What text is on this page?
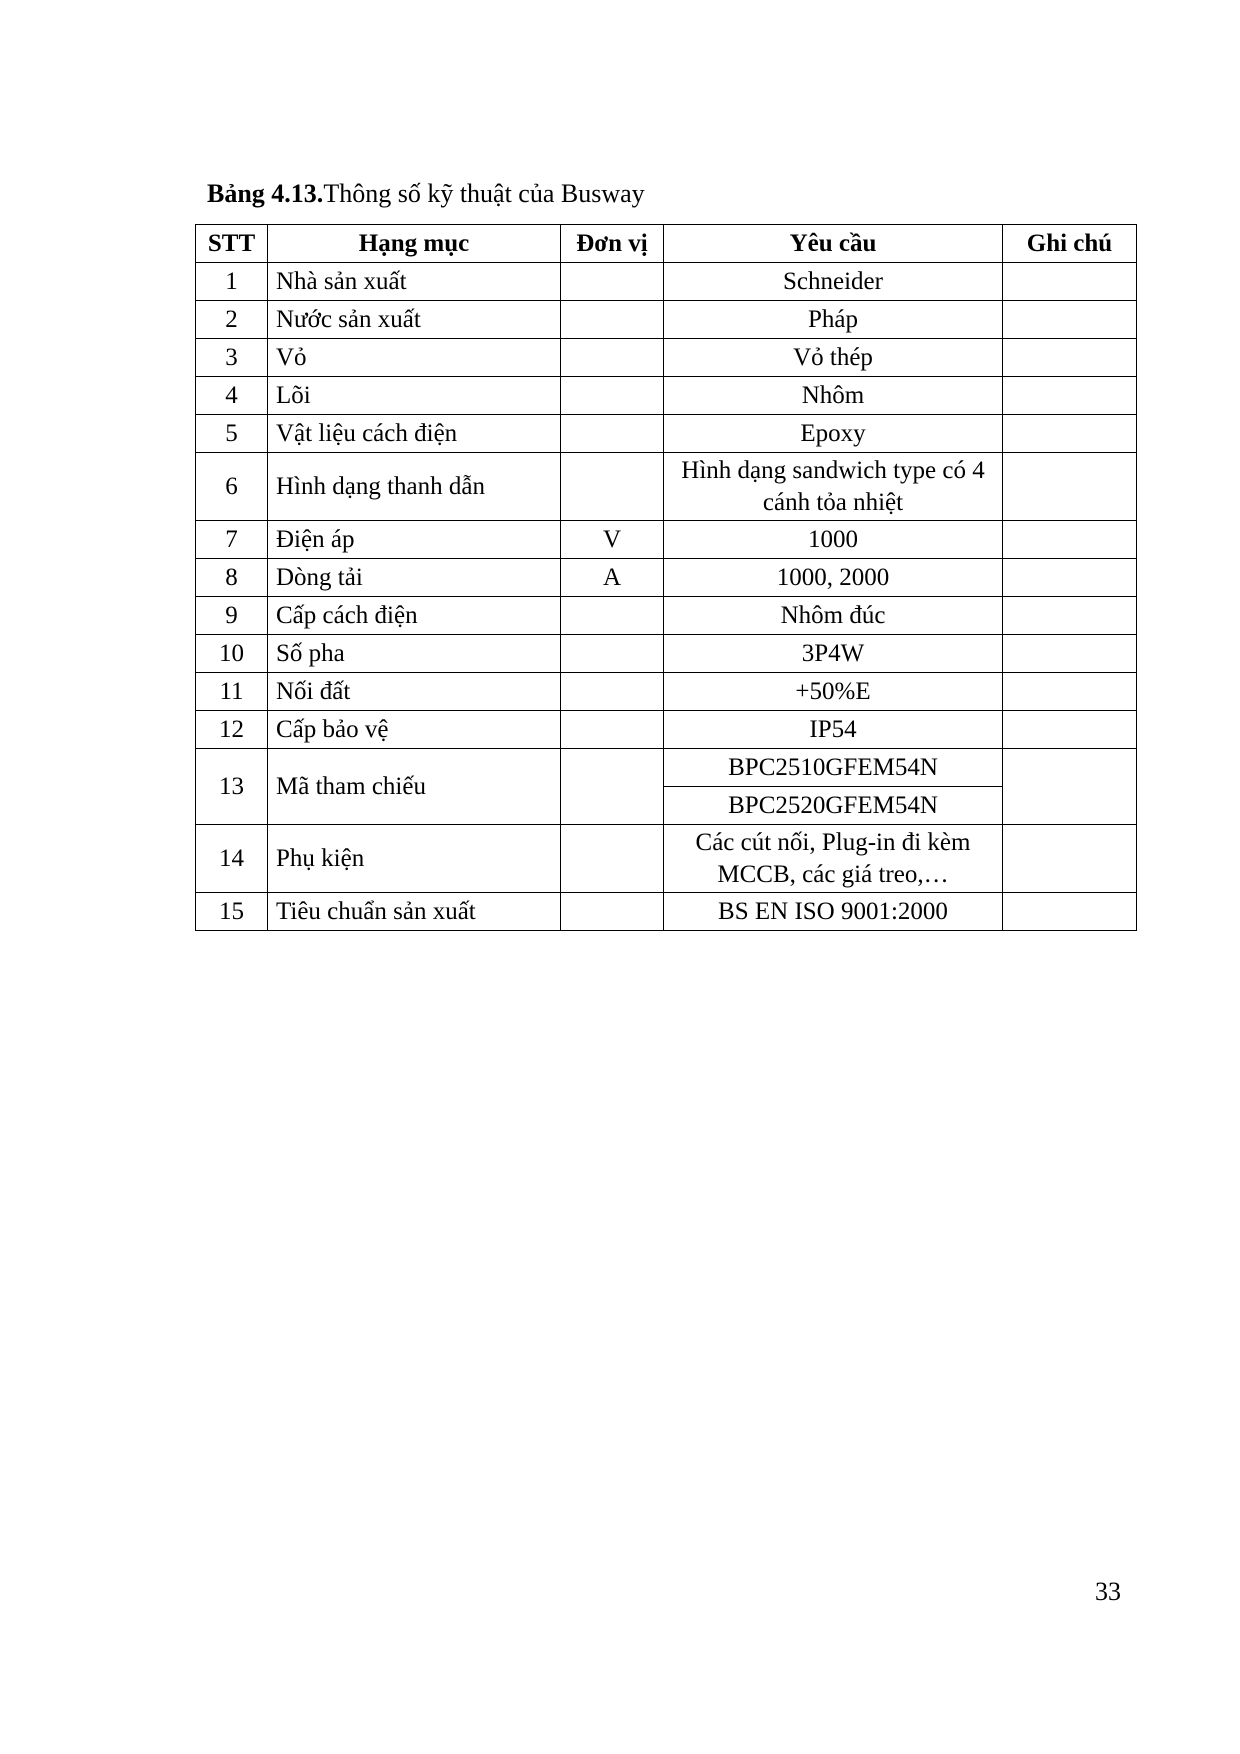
Bảng 4.13.Thông số kỹ thuật của Busway
STT	Hạng mục	Đơn vị	Yêu cầu	Ghi chú
1	Nhà sản xuất		Schneider	
2	Nước sản xuất		Pháp	
3	Vỏ		Vỏ thép	
4	Lõi		Nhôm	
5	Vật liệu cách điện		Epoxy	
6	Hình dạng thanh dẫn		Hình dạng sandwich type có 4 cánh tỏa nhiệt	
7	Điện áp	V	1000	
8	Dòng tải	A	1000, 2000	
9	Cấp cách điện		Nhôm đúc	
10	Số pha		3P4W	
11	Nối đất		+50%E	
12	Cấp bảo vệ		IP54	
13	Mã tham chiếu		BPC2510GFEM54N	
			BPC2520GFEM54N	
14	Phụ kiện		Các cút nối, Plug-in đi kèm MCCB, các giá treo,…	
15	Tiêu chuẩn sản xuất		BS EN ISO 9001:2000	
33
